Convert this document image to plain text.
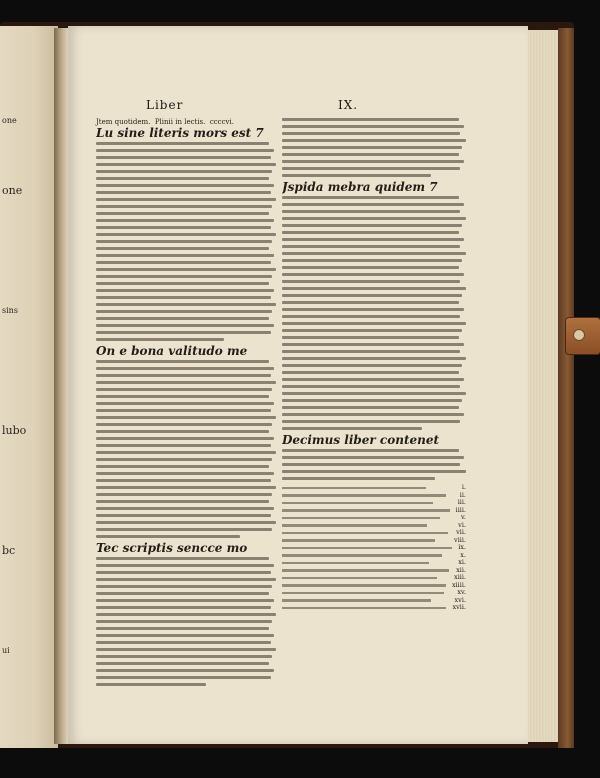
one
one
sins
lubo
bc
ui
Liber	IX.
Jtem quotidem. Plinii in lectis. ccccvi.
Lu sine literis mors est 7
On e bona valitudo me
Tec scriptis sencce mo
Jspida mebra quidem 7
Decimus liber contenet
i.
ii.
iii.
iiii.
v.
vi.
vii.
viii.
ix.
x.
xi.
xii.
xiii.
xiiii.
xv.
xvi.
xvii.
